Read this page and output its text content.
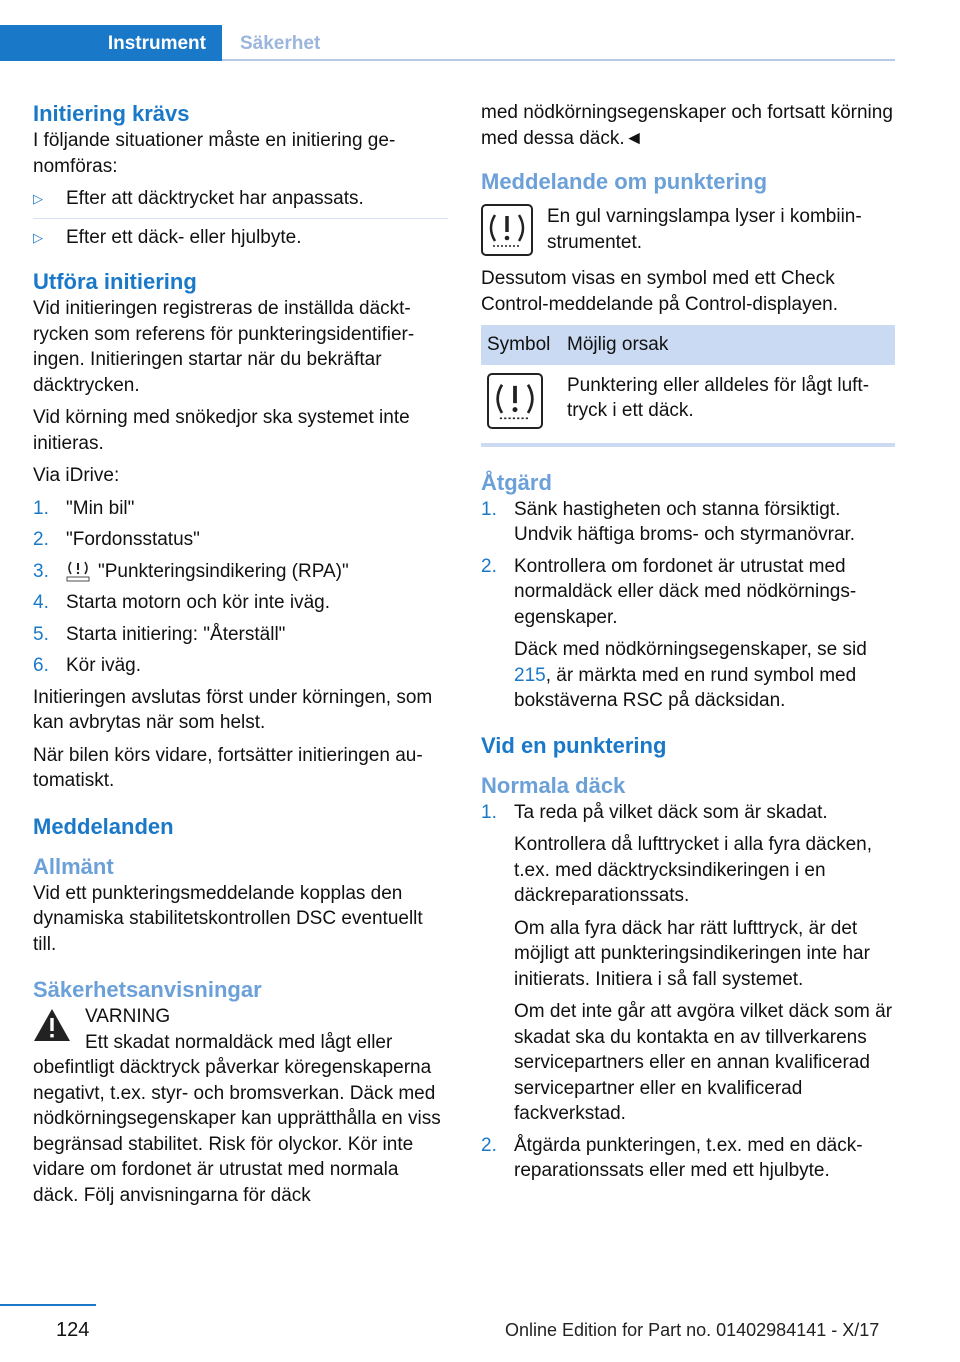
Instrument Säkerhet
Initiering krävs

I följande situationer måste en initiering genomföras:

▷ Efter att däcktrycket har anpassats.
▷ Efter ett däck- eller hjulbyte.
Utföra initiering

Vid initieringen registreras de inställda däcktrycken som referens för punkteringsidentifieringen. Initieringen startar när du bekräftar däcktrycken.

Vid körning med snökedjor ska systemet inte initieras.

Via iDrive:

1. "Min bil"
2. "Fordonsstatus"
3.	"Punkteringsindikering (RPA)"
4. Starta motorn och kör inte iväg.
5. Starta initiering: "Återställ"
6. Kör iväg.

Initieringen avslutas först under körningen, som kan avbrytas när som helst.

När bilen körs vidare, fortsätter initieringen automatiskt.

Meddelanden
Allmänt

Vid ett punkteringsmeddelande kopplas den dynamiska stabilitetskontrollen DSC eventuellt till.

Säkerhetsanvisningar
VARNING
Ett skadat normaldäck med lågt eller

obefintligt däcktryck påverkar köregenskaperna negativt, t.ex. styr- och bromsverkan. Däck med nödkörningsegenskaper kan upprätthålla en viss begränsad stabilitet. Risk för olyckor. Kör inte vidare om fordonet är utrustat med normala däck. Följ anvisningarna för däck

med nödkörningsegenskaper och fortsatt körning med dessa däck.◄

Meddelande om punktering
En gul varningslampa lyser i kombiinstrumentet.

Dessutom visas en symbol med ett Check Control-meddelande på Control-displayen.

Symbol	Möjlig orsak

	Punktering eller alldeles för lågt lufttryck i ett däck.
Åtgärd
1. Sänk hastigheten och stanna försiktigt. Undvik häftiga broms- och styrmanövrar.
2. Kontrollera om fordonet är utrustat med normaldäck eller däck med nödkörningsegenskaper.
Däck med nödkörningsegenskaper, se sid 215, är märkta med en rund symbol med bokstäverna RSC på däcksidan.
Vid en punktering
Normala däck
1. Ta reda på vilket däck som är skadat.
Kontrollera då lufttrycket i alla fyra däcken, t.ex. med däcktrycksindikeringen i en däckreparationssats.
Om alla fyra däck har rätt lufttryck, är det möjligt att punkteringsindikeringen inte har initierats. Initiera i så fall systemet.
Om det inte går att avgöra vilket däck som är skadat ska du kontakta en av tillverkarens servicepartners eller en annan kvalificerad servicepartner eller en kvalificerad fackverkstad.
2. Åtgärda punkteringen, t.ex. med en däckreparationssats eller med ett hjulbyte.
124	Online Edition for Part no. 01402984141 - X/17
